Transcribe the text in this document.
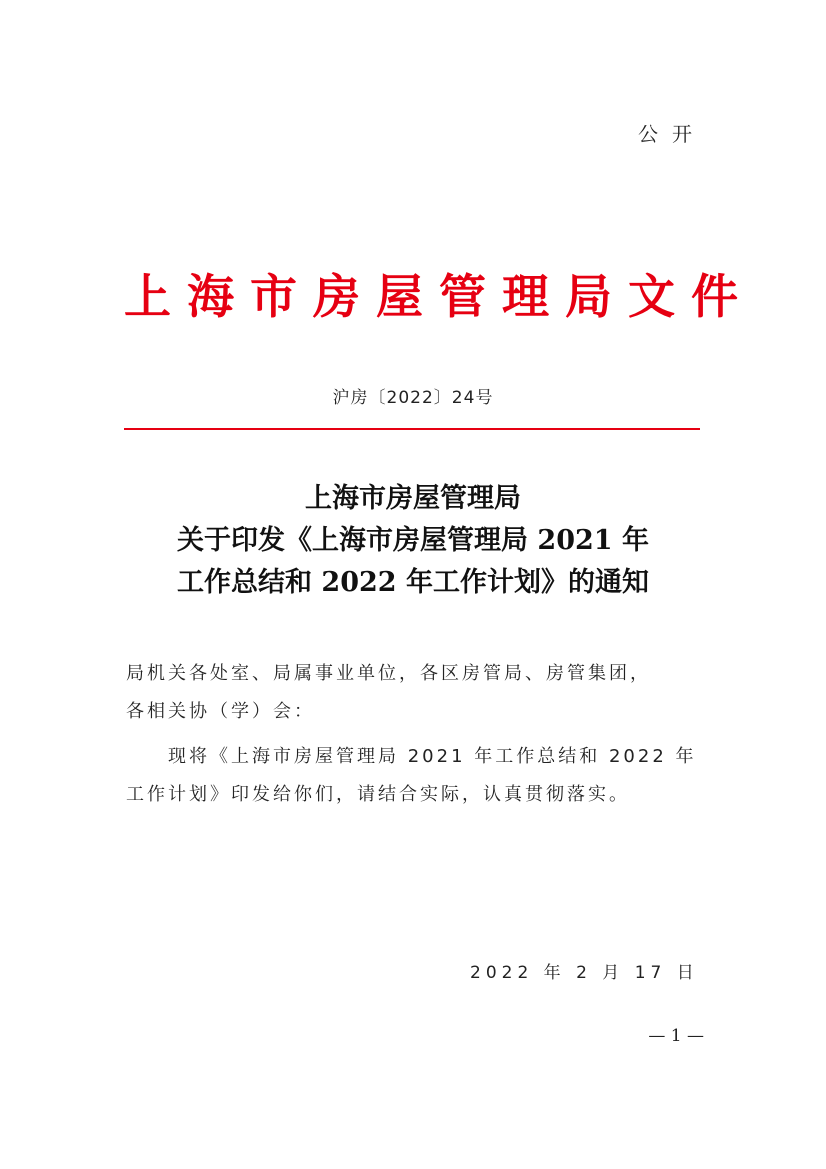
公开
上海市房屋管理局文件
沪房〔2022〕24号
上海市房屋管理局
关于印发《上海市房屋管理局 2021 年
工作总结和 2022 年工作计划》的通知
局机关各处室、局属事业单位，各区房管局、房管集团，
各相关协（学）会：
　　现将《上海市房屋管理局 2021 年工作总结和 2022 年
工作计划》印发给你们，请结合实际，认真贯彻落实。
2022 年 2 月 17 日
— 1 —
